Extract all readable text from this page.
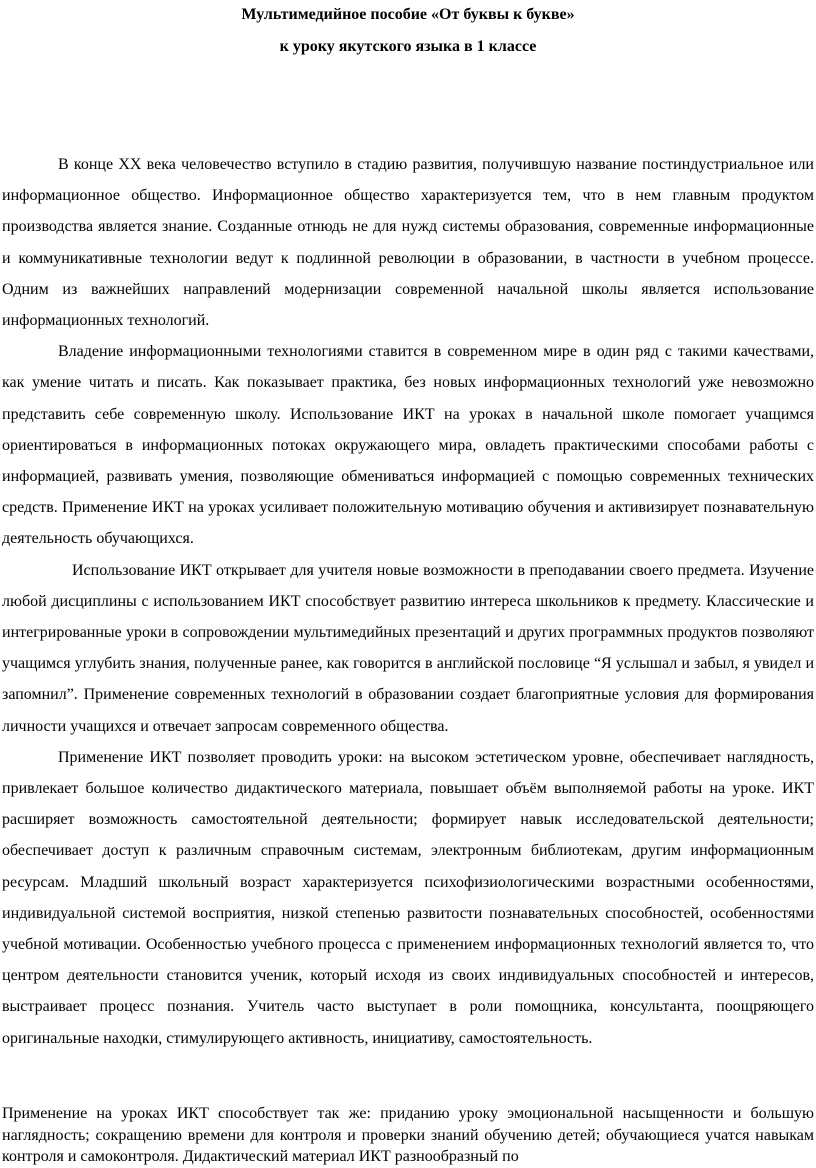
Мультимедийное пособие «От буквы к букве»
к уроку якутского языка в 1 классе

В конце ХХ века человечество вступило в стадию развития, получившую название постиндустриальное или информационное общество. Информационное общество характеризуется тем, что в нем главным продуктом производства является знание. Созданные отнюдь не для нужд системы образования, современные информационные и коммуникативные технологии ведут к подлинной революции в образовании, в частности в учебном процессе. Одним из важнейших направлений модернизации современной начальной школы является использование информационных технологий.

Владение информационными технологиями ставится в современном мире в один ряд с такими качествами, как умение читать и писать. Как показывает практика, без новых информационных технологий уже невозможно представить себе современную школу. Использование ИКТ на уроках в начальной школе помогает учащимся ориентироваться в информационных потоках окружающего мира, овладеть практическими способами работы с информацией, развивать умения, позволяющие обмениваться информацией с помощью современных технических средств. Применение ИКТ на уроках усиливает положительную мотивацию обучения и активизирует познавательную деятельность обучающихся.

Использование ИКТ открывает для учителя новые возможности в преподавании своего предмета. Изучение любой дисциплины с использованием ИКТ способствует развитию интереса школьников к предмету. Классические и интегрированные уроки в сопровождении мультимедийных презентаций и других программных продуктов позволяют учащимся углубить знания, полученные ранее, как говорится в английской пословице “Я услышал и забыл, я увидел и запомнил”. Применение современных технологий в образовании создает благоприятные условия для формирования личности учащихся и отвечает запросам современного общества.

Применение ИКТ позволяет проводить уроки: на высоком эстетическом уровне, обеспечивает наглядность, привлекает большое количество дидактического материала, повышает объём выполняемой работы на уроке. ИКТ расширяет возможность самостоятельной деятельности; формирует навык исследовательской деятельности; обеспечивает доступ к различным справочным системам, электронным библиотекам, другим информационным ресурсам. Младший школьный возраст характеризуется психофизиологическими возрастными особенностями, индивидуальной системой восприятия, низкой степенью развитости познавательных способностей, особенностями учебной мотивации. Особенностью учебного процесса с применением информационных технологий является то, что центром деятельности становится ученик, который исходя из своих индивидуальных способностей и интересов, выстраивает процесс познания. Учитель часто выступает в роли помощника, консультанта, поощряющего оригинальные находки, стимулирующего активность, инициативу, самостоятельность.

Применение на уроках ИКТ способствует так же: приданию уроку эмоциональной насыщенности и большую наглядность; сокращению времени для контроля и проверки знаний обучению детей; обучающиеся учатся навыкам контроля и самоконтроля. Дидактический материал ИКТ разнообразный по
